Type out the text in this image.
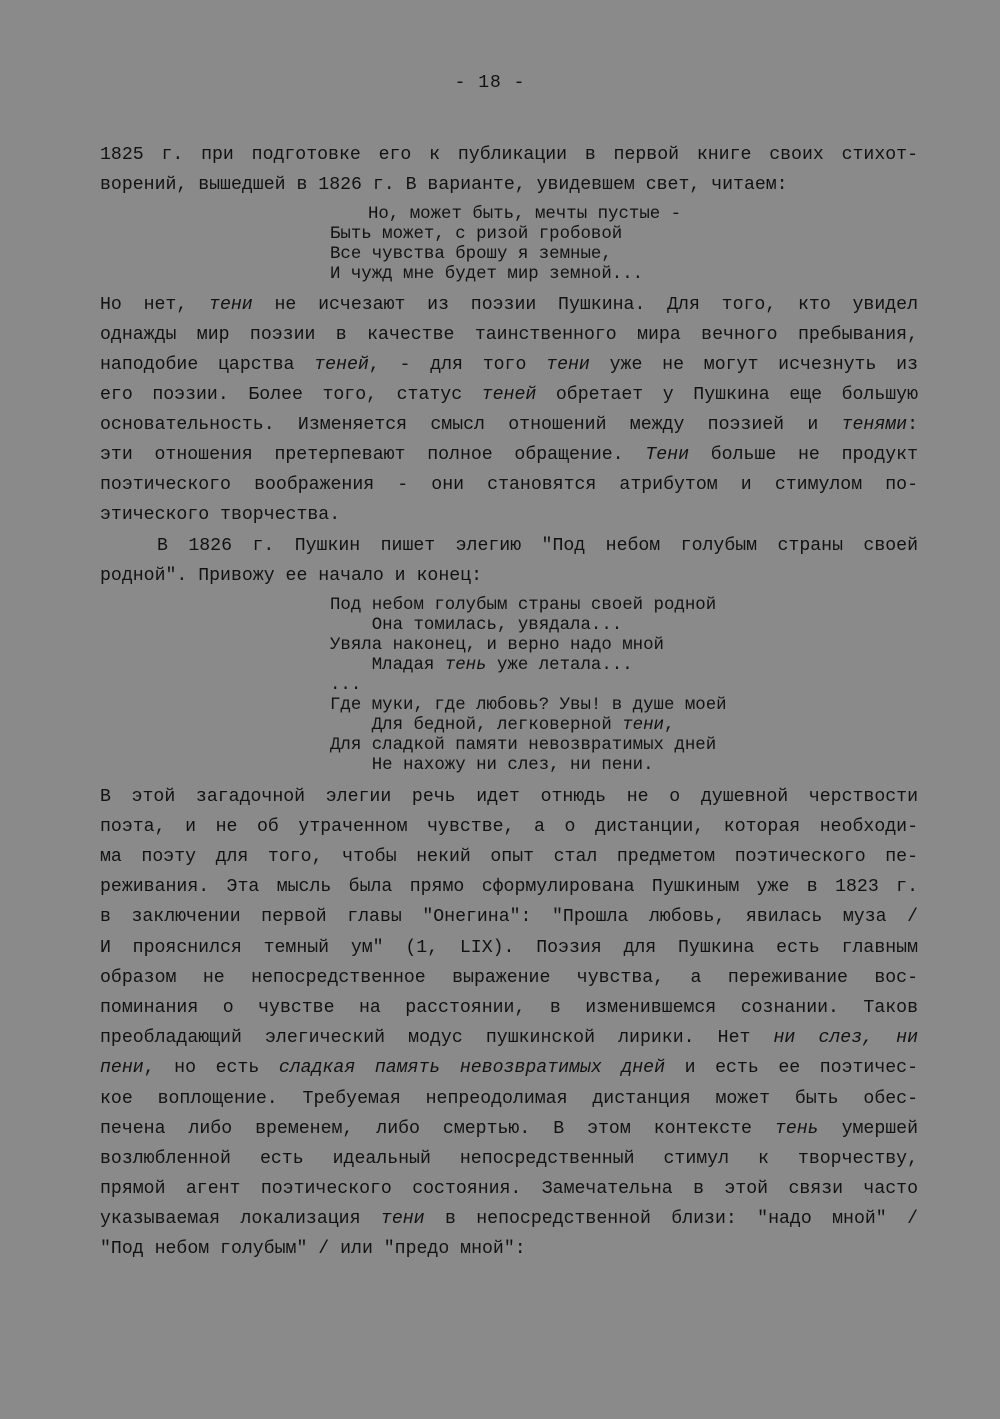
- 18 -
1825 г. при подготовке его к публикации в первой книге своих стихот-
ворений, вышедшей в 1826 г. В варианте, увидевшем свет, читаем:
Но, может быть, мечты пустые -
Быть может, с ризой гробовой
Все чувства брошу я земные,
И чужд мне будет мир земной...
Но нет, тени не исчезают из поэзии Пушкина. Для того, кто увидел
однажды мир поэзии в качестве таинственного мира вечного пребывания,
наподобие царства теней, - для того тени уже не могут исчезнуть из
его поэзии. Более того, статус теней обретает у Пушкина еще большую
основательность. Изменяется смысл отношений между поэзией и тенями:
эти отношения претерпевают полное обращение. Тени больше не продукт
поэтического воображения - они становятся атрибутом и стимулом по-
этического творчества.
В 1826 г. Пушкин пишет элегию "Под небом голубым страны своей
родной". Привожу ее начало и конец:
Под небом голубым страны своей родной
Она томилась, увядала...
Увяла наконец, и верно надо мной
Младая тень уже летала...
...
Где муки, где любовь? Увы! в душе моей
Для бедной, легковерной тени,
Для сладкой памяти невозвратимых дней
Не нахожу ни слез, ни пени.
В этой загадочной элегии речь идет отнюдь не о душевной черствости
поэта, и не об утраченном чувстве, а о дистанции, которая необходи-
ма поэту для того, чтобы некий опыт стал предметом поэтического пе-
реживания. Эта мысль была прямо сформулирована Пушкиным уже в 1823 г.
в заключении первой главы "Онегина": "Прошла любовь, явилась муза /
И прояснился темный ум" (1, LIX). Поэзия для Пушкина есть главным
образом не непосредственное выражение чувства, а переживание вос-
поминания о чувстве на расстоянии, в изменившемся сознании. Таков
преобладающий элегический модус пушкинской лирики. Нет ни слез, ни
пени, но есть сладкая память невозвратимых дней и есть ее поэтичес-
кое воплощение. Требуемая непреодолимая дистанция может быть обес-
печена либо временем, либо смертью. В этом контексте тень умершей
возлюбленной есть идеальный непосредственный стимул к творчеству,
прямой агент поэтического состояния. Замечательна в этой связи часто
указываемая локализация тени в непосредственной близи: "надо мной" /
"Под небом голубым" / или "предо мной":
